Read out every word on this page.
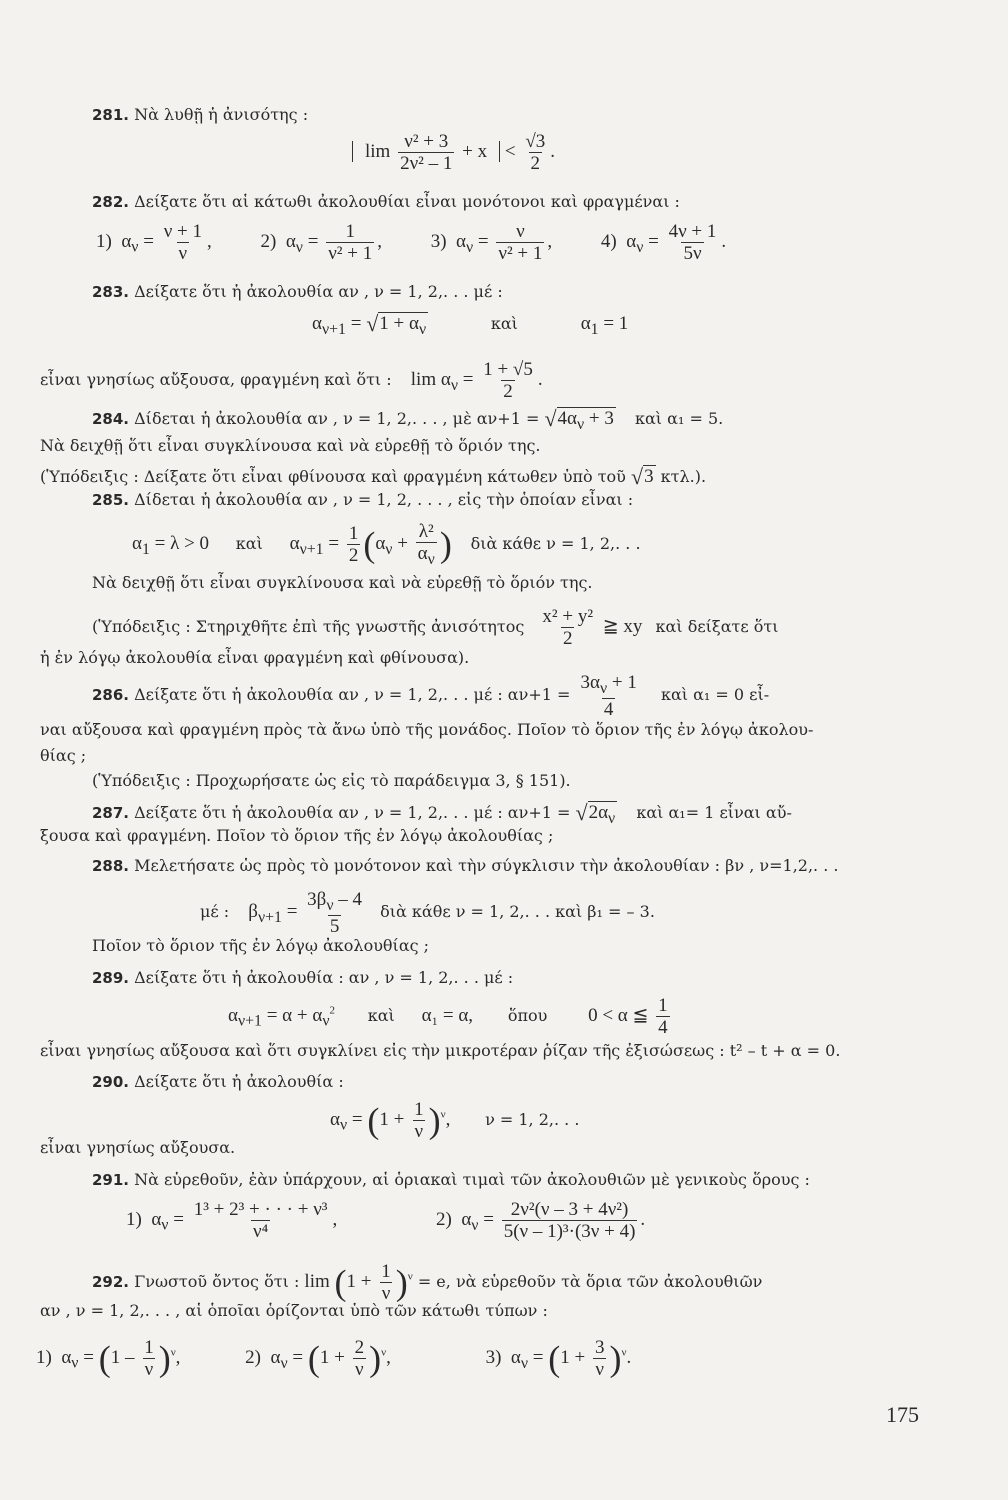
281. Νὰ λυθῇ ἡ ἀνισότης :
$\lim \frac{\text{ν² + 3}}{\text{2ν² – 1}} + x < \frac{√3}{2}$ .
282. Δείξατε ὅτι αἱ κάτωθι ἀκολουθίαι εἶναι μονότονοι καὶ φραγμέναι :
1)  $\alpha_\nu = \frac{\nu + 1}{\nu}$ , 2)  $\alpha_\nu = \frac{1}{\text{ν² + 1}}$ ,	3)  $\alpha_\nu = \frac{\nu}{\text{ν² + 1}}$ ,	4)  $\alpha_\nu = \frac{4\nu + 1}{5\nu}$ .
283. Δείξατε ὅτι ἡ ἀκολουθία αν , ν = 1, 2,. . . μέ :
$\alpha_{\nu+1} = √1 + \alpha_\nu$	καὶ	$\alpha_1 = 1$
εἶναι γνησίως αὔξουσα, φραγμένη καὶ ὅτι : $\lim \alpha_\nu = \frac{1 + √5}{2}$ .
284. Δίδεται ἡ ἀκολουθία αν , ν = 1, 2,. . . , μὲ $\alpha\nu+1 = √4\alpha_\nu + 3$ καὶ α₁ = 5.
Νὰ δειχθῇ ὅτι εἶναι συγκλίνουσα καὶ νὰ εὑρεθῇ τὸ ὅριόν της.
(Ὑπόδειξις : Δείξατε ὅτι εἶναι φθίνουσα καὶ φραγμένη κάτωθεν ὑπὸ τοῦ √3 κτλ.).
285. Δίδεται ἡ ἀκολουθία αν , ν = 1, 2, . . . , εἰς τὴν ὁποίαν εἶναι :
$\alpha_1 = \lambda > 0$ καὶ $\alpha_{\nu+1} = \frac{1}{2} (\alpha_\nu + \frac{\text{λ²}}{\alpha_\nu}$ ) διὰ κάθε ν = 1, 2,. . .
Νὰ δειχθῇ ὅτι εἶναι συγκλίνουσα καὶ νὰ εὑρεθῇ τὸ ὅριόν της.
(Ὑπόδειξις : Στηριχθῆτε ἐπὶ τῆς γνωστῆς ἀνισότητος $\frac{\text{x² + y²}}{2}$ ≧ xy καὶ δείξατε ὅτι
ἡ ἐν λόγῳ ἀκολουθία εἶναι φραγμένη καὶ φθίνουσα).
286. Δείξατε ὅτι ἡ ἀκολουθία αν , ν = 1, 2,. . . μέ : $\alpha\nu+1 = \frac{3\alpha_\nu + 1}{4}$ καὶ α₁ = 0 εἶ-
ναι αὔξουσα καὶ φραγμένη πρὸς τὰ ἄνω ὑπὸ τῆς μονάδος. Ποῖον τὸ ὅριον τῆς ἐν λόγῳ ἀκολου-
θίας ;
(Ὑπόδειξις : Προχωρήσατε ὡς εἰς τὸ παράδειγμα 3, § 151).
287. Δείξατε ὅτι ἡ ἀκολουθία αν , ν = 1, 2,. . . μέ : $\alpha\nu+1 = √2\alpha_\nu$ καὶ α₁= 1 εἶναι αὔ-
ξουσα καὶ φραγμένη. Ποῖον τὸ ὅριον τῆς ἐν λόγῳ ἀκολουθίας ;
288. Μελετήσατε ὡς πρὸς τὸ μονότονον καὶ τὴν σύγκλισιν τὴν ἀκολουθίαν : βν , ν=1,2,. . .
μέ : $\beta_{\nu+1} = \frac{3\beta_\nu - 4}{5}$ διὰ κάθε ν = 1, 2,. . . καὶ β₁ = – 3.
Ποῖον τὸ ὅριον τῆς ἐν λόγῳ ἀκολουθίας ;
289. Δείξατε ὅτι ἡ ἀκολουθία : αν , ν = 1, 2,. . . μέ :
$\alpha_{\nu+1} = \alpha + \alpha_\nu^2$ καὶ α₁ = α, ὅπου 0 < α ≦ $\frac{1}{4}$
εἶναι γνησίως αὔξουσα καὶ ὅτι συγκλίνει εἰς τὴν μικροτέραν ῥίζαν τῆς ἐξισώσεως : t² – t + α = 0.
290. Δείξατε ὅτι ἡ ἀκολουθία :
$\alpha_\nu = (1 + \frac{1}{\nu} )^\nu$, ν = 1, 2,. . .
εἶναι γνησίως αὔξουσα.
291. Νὰ εὑρεθοῦν, ἐὰν ὑπάρχουν, αἱ ὁριακαὶ τιμαὶ τῶν ἀκολουθιῶν μὲ γενικοὺς ὅρους :
1)  $\alpha_\nu = \frac{\text{1³ + 2³ + · · · + ν³}}{\text{ν⁴}}$ ,	2)  $\alpha_\nu = \frac{\text{2ν²(ν – 3 + 4ν²)}}{\text{5(ν – 1)³·(3ν + 4)}}$ .
292. Γνωστοῦ ὄντος ὅτι : $\lim (1 + \frac{1}{\nu} )^\nu = e$, νὰ εὑρεθοῦν τὰ ὅρια τῶν ἀκολουθιῶν
αν , ν = 1, 2,. . . , αἱ ὁποῖαι ὁρίζονται ὑπὸ τῶν κάτωθι τύπων :
1)  $\alpha_\nu = (1 - \frac{1}{\nu} )^\nu$,	2)  $\alpha_\nu = (1 + \frac{2}{\nu} )^\nu$,	3)  $\alpha_\nu = (1 + \frac{3}{\nu} )^\nu$.
175
